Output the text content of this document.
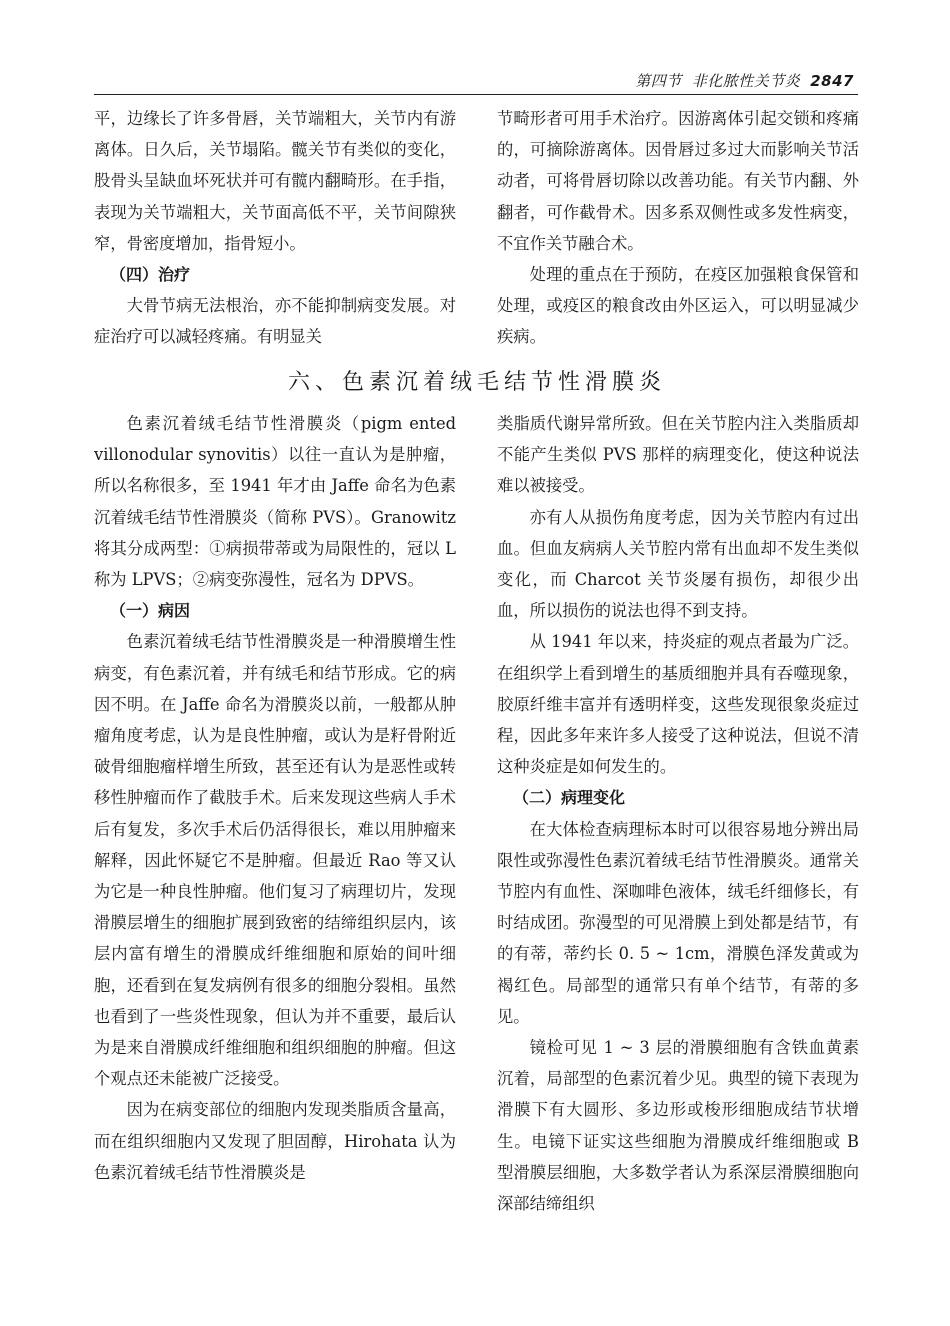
第四节 非化脓性关节炎 2847

平，边缘长了许多骨唇，关节端粗大，关节内有游离体。日久后，关节塌陷。髋关节有类似的变化，股骨头呈缺血坏死状并可有髋内翻畸形。在手指，表现为关节端粗大，关节面高低不平，关节间隙狭窄，骨密度增加，指骨短小。

（四）治疗

大骨节病无法根治，亦不能抑制病变发展。对症治疗可以减轻疼痛。有明显关

节畸形者可用手术治疗。因游离体引起交锁和疼痛的，可摘除游离体。因骨唇过多过大而影响关节活动者，可将骨唇切除以改善功能。有关节内翻、外翻者，可作截骨术。因多系双侧性或多发性病变，不宜作关节融合术。

处理的重点在于预防，在疫区加强粮食保管和处理，或疫区的粮食改由外区运入，可以明显减少疾病。

六、色素沉着绒毛结节性滑膜炎

色素沉着绒毛结节性滑膜炎（pigm ented villonodular synovitis）以往一直认为是肿瘤，所以名称很多，至 1941 年才由 Jaffe 命名为色素沉着绒毛结节性滑膜炎（简称 PVS）。Granowitz 将其分成两型：①病损带蒂或为局限性的，冠以 L 称为 LPVS；②病变弥漫性，冠名为 DPVS。

（一）病因

色素沉着绒毛结节性滑膜炎是一种滑膜增生性病变，有色素沉着，并有绒毛和结节形成。它的病因不明。在 Jaffe 命名为滑膜炎以前，一般都从肿瘤角度考虑，认为是良性肿瘤，或认为是籽骨附近破骨细胞瘤样增生所致，甚至还有认为是恶性或转移性肿瘤而作了截肢手术。后来发现这些病人手术后有复发，多次手术后仍活得很长，难以用肿瘤来解释，因此怀疑它不是肿瘤。但最近 Rao 等又认为它是一种良性肿瘤。他们复习了病理切片，发现滑膜层增生的细胞扩展到致密的结缔组织层内，该层内富有增生的滑膜成纤维细胞和原始的间叶细胞，还看到在复发病例有很多的细胞分裂相。虽然也看到了一些炎性现象，但认为并不重要，最后认为是来自滑膜成纤维细胞和组织细胞的肿瘤。但这个观点还未能被广泛接受。

因为在病变部位的细胞内发现类脂质含量高，而在组织细胞内又发现了胆固醇，Hirohata 认为色素沉着绒毛结节性滑膜炎是

类脂质代谢异常所致。但在关节腔内注入类脂质却不能产生类似 PVS 那样的病理变化，使这种说法难以被接受。

亦有人从损伤角度考虑，因为关节腔内有过出血。但血友病病人关节腔内常有出血却不发生类似变化，而 Charcot 关节炎屡有损伤，却很少出血，所以损伤的说法也得不到支持。

从 1941 年以来，持炎症的观点者最为广泛。在组织学上看到增生的基质细胞并具有吞噬现象，胶原纤维丰富并有透明样变，这些发现很象炎症过程，因此多年来许多人接受了这种说法，但说不清这种炎症是如何发生的。

（二）病理变化

在大体检查病理标本时可以很容易地分辨出局限性或弥漫性色素沉着绒毛结节性滑膜炎。通常关节腔内有血性、深咖啡色液体，绒毛纤细修长，有时结成团。弥漫型的可见滑膜上到处都是结节，有的有蒂，蒂约长 0. 5 ~ 1cm，滑膜色泽发黄或为褐红色。局部型的通常只有单个结节，有蒂的多见。

镜检可见 1 ~ 3 层的滑膜细胞有含铁血黄素沉着，局部型的色素沉着少见。典型的镜下表现为滑膜下有大圆形、多边形或梭形细胞成结节状增生。电镜下证实这些细胞为滑膜成纤维细胞或 B 型滑膜层细胞，大多数学者认为系深层滑膜细胞向深部结缔组织
